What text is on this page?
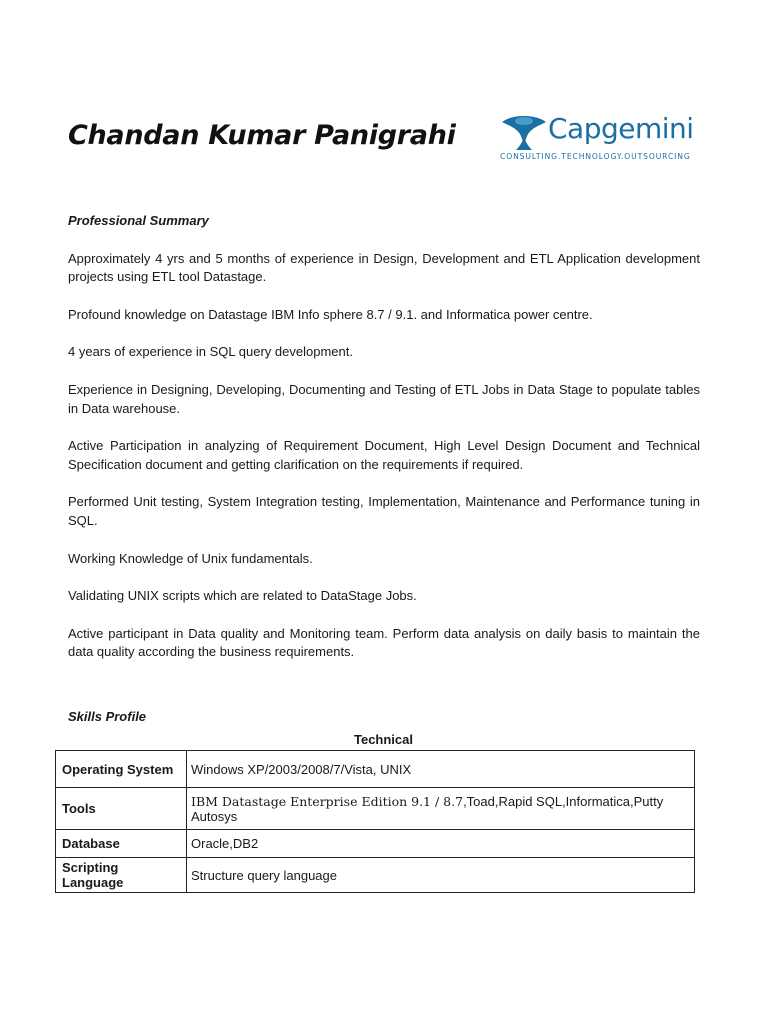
Chandan Kumar Panigrahi	Capgemini
CONSULTING.TECHNOLOGY.OUTSOURCING

Professional Summary

Approximately 4 yrs and 5 months of experience in Design, Development and ETL Application development projects using ETL tool Datastage.

Profound knowledge on Datastage IBM Info sphere 8.7 / 9.1. and Informatica power centre.

4 years of experience in SQL query development.

Experience in Designing, Developing, Documenting and Testing of ETL Jobs in Data Stage to populate tables in Data warehouse.

Active Participation in analyzing of Requirement Document, High Level Design Document and Technical Specification document and getting clarification on the requirements if required.

Performed Unit testing, System Integration testing, Implementation, Maintenance and Performance tuning in SQL.

Working Knowledge of Unix fundamentals.

Validating UNIX scripts which are related to DataStage Jobs.

Active participant in Data quality and Monitoring team. Perform data analysis on daily basis to maintain the data quality according the business requirements.

Skills Profile

Technical
Operating System	Windows XP/2003/2008/7/Vista, UNIX
Tools	IBM Datastage Enterprise Edition 9.1 / 8.7,Toad,Rapid SQL,Informatica,Putty Autosys
Database	Oracle,DB2
Scripting Language	Structure query language
